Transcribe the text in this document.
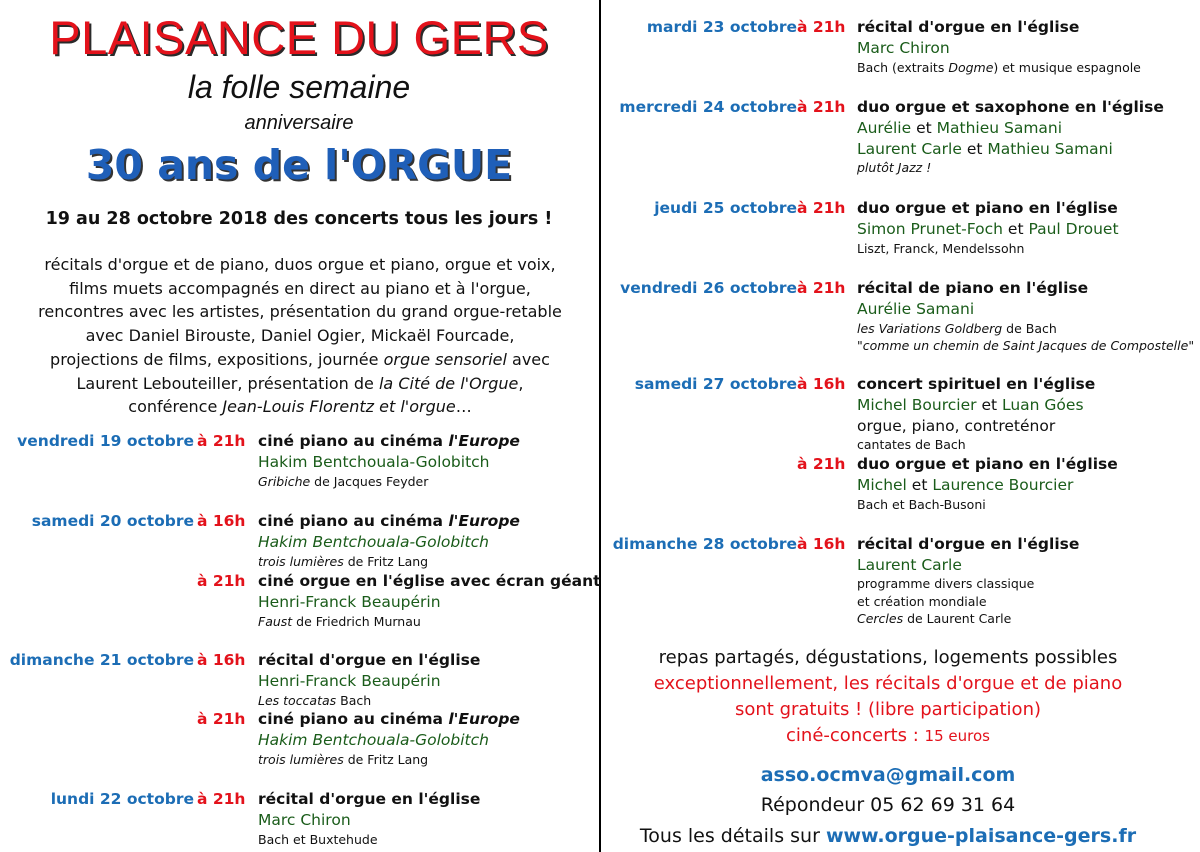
PLAISANCE DU GERS
la folle semaine
anniversaire
30 ans de l'ORGUE
19 au 28 octobre 2018 des concerts tous les jours !
récitals d'orgue et de piano, duos orgue et piano, orgue et voix,
films muets accompagnés en direct au piano et à l'orgue,
rencontres avec les artistes, présentation du grand orgue-retable
avec Daniel Birouste, Daniel Ogier, Mickaël Fourcade,
projections de films, expositions, journée orgue sensoriel avec
Laurent Lebouteiller, présentation de la Cité de l'Orgue,
conférence Jean-Louis Florentz et l'orgue…
vendredi 19 octobre à 21h ciné piano au cinéma l'Europe
Hakim Bentchouala-Golobitch
Gribiche de Jacques Feyder
samedi 20 octobre à 16h ciné piano au cinéma l'Europe
Hakim Bentchouala-Golobitch
trois lumières de Fritz Lang
à 21h ciné orgue en l'église avec écran géant
Henri-Franck Beaupérin
Faust de Friedrich Murnau
dimanche 21 octobre à 16h récital d'orgue en l'église
Henri-Franck Beaupérin
Les toccatas Bach
à 21h ciné piano au cinéma l'Europe
Hakim Bentchouala-Golobitch
trois lumières de Fritz Lang
lundi 22 octobre à 21h récital d'orgue en l'église
Marc Chiron
Bach et Buxtehude
mardi 23 octobre à 21h récital d'orgue en l'église
Marc Chiron
Bach (extraits Dogme) et musique espagnole
mercredi 24 octobre à 21h duo orgue et saxophone en l'église
Aurélie et Mathieu Samani
Laurent Carle et Mathieu Samani
plutôt Jazz !
jeudi 25 octobre à 21h duo orgue et piano en l'église
Simon Prunet-Foch et Paul Drouet
Liszt, Franck, Mendelssohn
vendredi 26 octobre à 21h récital de piano en l'église
Aurélie Samani
les Variations Goldberg de Bach
"comme un chemin de Saint Jacques de Compostelle"
samedi 27 octobre à 16h concert spirituel en l'église
Michel Bourcier et Luan Góes
orgue, piano, contreténor
cantates de Bach
à 21h duo orgue et piano en l'église
Michel et Laurence Bourcier
Bach et Bach-Busoni
dimanche 28 octobre à 16h récital d'orgue en l'église
Laurent Carle
programme divers classique
et création mondiale
Cercles de Laurent Carle
repas partagés, dégustations, logements possibles
exceptionnellement, les récitals d'orgue et de piano
sont gratuits ! (libre participation)
ciné-concerts : 15 euros
asso.ocmva@gmail.com
Répondeur 05 62 69 31 64
Tous les détails sur www.orgue-plaisance-gers.fr
